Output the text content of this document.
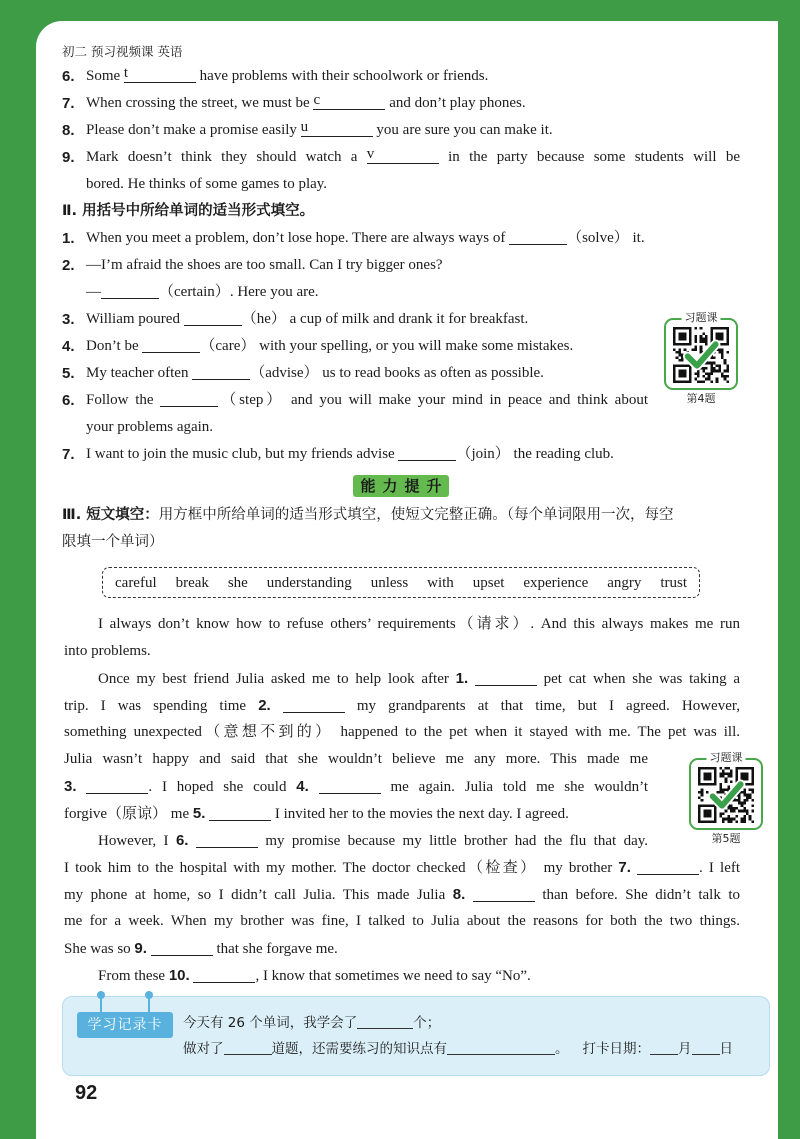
初二 预习视频课 英语
6. Some t	have problems with their schoolwork or friends.
7. When crossing the street, we must be c	and don’t play phones.
8. Please don’t make a promise easily u	you are sure you can make it.
9. Mark doesn’t think they should watch a v	in the party because some students will be
bored. He thinks of some games to play.
Ⅱ. 用括号中所给单词的适当形式填空。
1. When you meet a problem, don’t lose hope. There are always ways of	（solve） it.
2. —I’m afraid the shoes are too small. Can I try bigger ones?
—	（certain）. Here you are.
3. William poured	（he） a cup of milk and drank it for breakfast.
4. Don’t be	（care） with your spelling, or you will make some mistakes.
5. My teacher often	（advise） us to read books as often as possible.
6. Follow the	（step） and you will make your mind in peace and think about
your problems again.
7. I want to join the music club, but my friends advise	（join） the reading club.
能力提升
Ⅲ. 短文填空：用方框中所给单词的适当形式填空，使短文完整正确。（每个单词限用一次，每空
限填一个单词）
careful break she understanding unless with upset experience angry trust
I always don’t know how to refuse others’ requirements（请求）. And this always makes me run
into problems.
Once my best friend Julia asked me to help look after 1.	pet cat when she was taking a
trip. I was spending time 2.	my grandparents at that time, but I agreed. However,
something unexpected（意想不到的） happened to the pet when it stayed with me. The pet was ill.
Julia wasn’t happy and said that she wouldn’t believe me any more. This made me
3.	. I hoped she could 4.	me again. Julia told me she wouldn’t
forgive（原谅） me 5.	I invited her to the movies the next day. I agreed.
However, I 6.	my promise because my little brother had the flu that day.
I took him to the hospital with my mother. The doctor checked（检查） my brother 7.	. I left
my phone at home, so I didn’t call Julia. This made Julia 8.	than before. She didn’t talk to
me for a week. When my brother was fine, I talked to Julia about the reasons for both the two things.
She was so 9.	that she forgave me.
From these 10.	, I know that sometimes we need to say “No”.
习题课
第4题
习题课
第5题
学习记录卡	今天有 26 个单词，我学会了	个；
做对了	道题，还需要练习的知识点有	。 打卡日期： 月 日
92
